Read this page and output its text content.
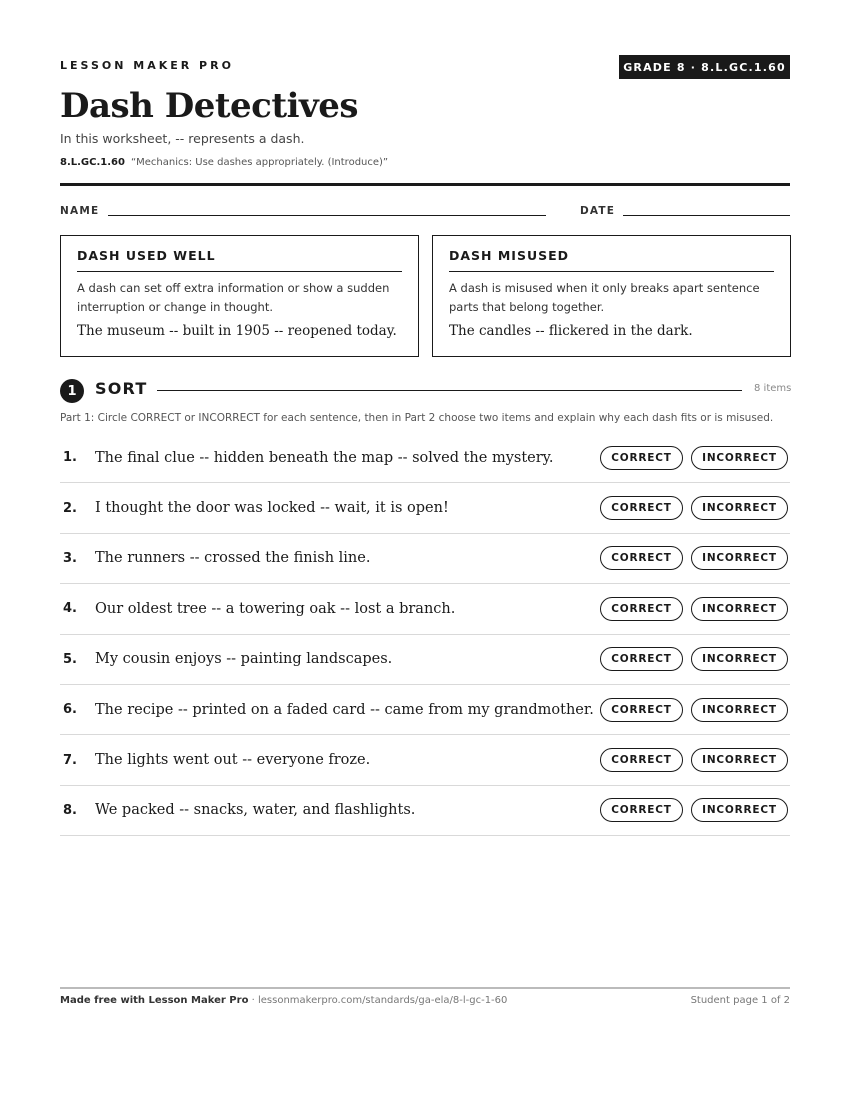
LESSON MAKER PRO	GRADE 8 · 8.L.GC.1.60
Dash Detectives
In this worksheet, -- represents a dash.
8.L.GC.1.60 “Mechanics: Use dashes appropriately. (Introduce)”
NAME	DATE
DASH USED WELL
A dash can set off extra information or show a sudden interruption or change in thought.
The museum -- built in 1905 -- reopened today.
DASH MISUSED
A dash is misused when it only breaks apart sentence parts that belong together.
The candles -- flickered in the dark.
1	SORT	8 items
Part 1: Circle CORRECT or INCORRECT for each sentence, then in Part 2 choose two items and explain why each dash fits or is misused.
1. The final clue -- hidden beneath the map -- solved the mystery.	CORRECT	INCORRECT
2. I thought the door was locked -- wait, it is open!	CORRECT	INCORRECT
3. The runners -- crossed the finish line.	CORRECT	INCORRECT
4. Our oldest tree -- a towering oak -- lost a branch.	CORRECT	INCORRECT
5. My cousin enjoys -- painting landscapes.	CORRECT	INCORRECT
6. The recipe -- printed on a faded card -- came from my grandmother.	CORRECT	INCORRECT
7. The lights went out -- everyone froze.	CORRECT	INCORRECT
8. We packed -- snacks, water, and flashlights.	CORRECT	INCORRECT
Made free with Lesson Maker Pro · lessonmakerpro.com/standards/ga-ela/8-l-gc-1-60	Student page 1 of 2
